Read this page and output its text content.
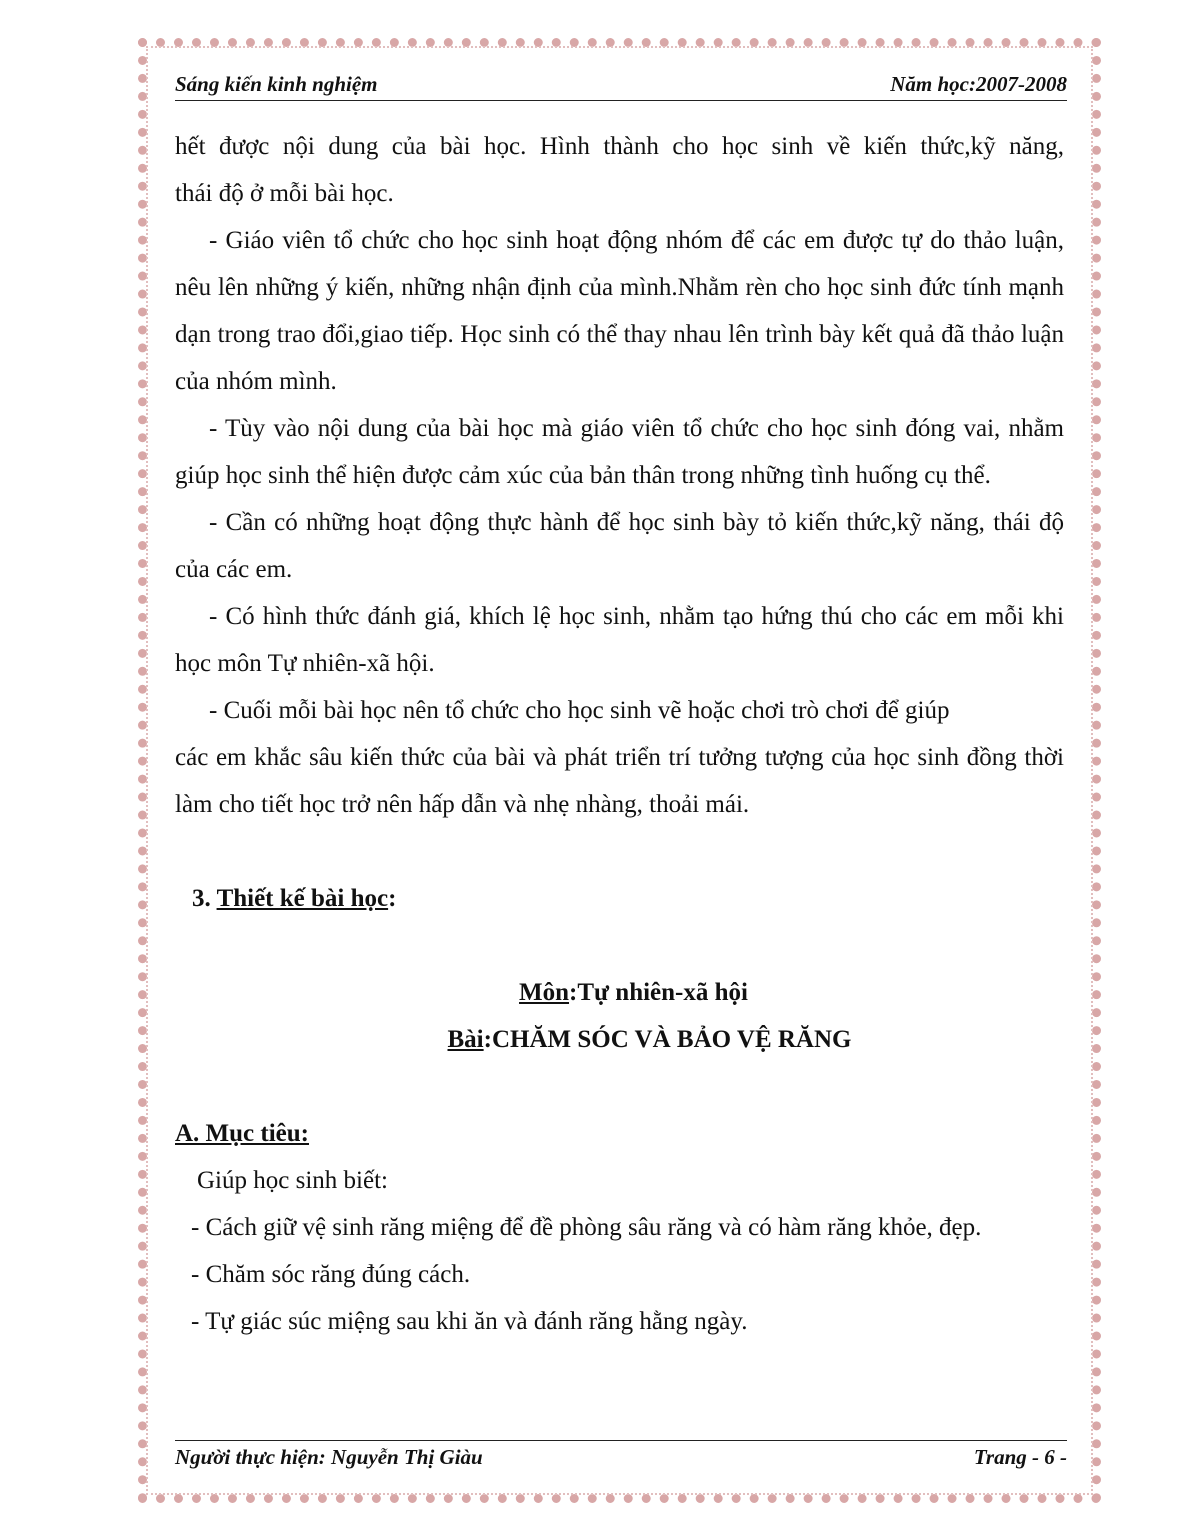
Sáng kiến kinh nghiệm	Năm học:2007-2008

hết được nội dung của bài học. Hình thành cho học sinh về kiến thức,kỹ năng,

thái độ ở mỗi bài học.

- Giáo viên tổ chức cho học sinh hoạt động nhóm để các em được tự do thảo luận, nêu lên những ý kiến, những nhận định của mình.Nhằm rèn cho học sinh đức tính mạnh dạn trong trao đổi,giao tiếp. Học sinh có thể thay nhau lên trình bày kết quả đã thảo luận của nhóm mình.

- Tùy vào nội dung của bài học mà giáo viên tổ chức cho học sinh đóng vai, nhằm giúp học sinh thể hiện được cảm xúc của bản thân trong những tình huống cụ thể.

- Cần có những hoạt động thực hành để học sinh bày tỏ kiến thức,kỹ năng, thái độ của các em.

- Có hình thức đánh giá, khích lệ học sinh, nhằm tạo hứng thú cho các em mỗi khi học môn Tự nhiên-xã hội.

- Cuối mỗi bài học nên tổ chức cho học sinh vẽ hoặc chơi trò chơi để giúp

các em khắc sâu kiến thức của bài và phát triển trí tưởng tượng của học sinh đồng thời làm cho tiết học trở nên hấp dẫn và nhẹ nhàng, thoải mái.

3. Thiết kế bài học:

Môn:Tự nhiên-xã hội

Bài:CHĂM SÓC VÀ BẢO VỆ RĂNG

A. Mục tiêu:

Giúp học sinh biết:

- Cách giữ vệ sinh răng miệng để đề phòng sâu răng và có hàm răng khỏe, đẹp.

- Chăm sóc răng đúng cách.

- Tự giác súc miệng sau khi ăn và đánh răng hằng ngày.

Người thực hiện: Nguyễn Thị Giàu	Trang - 6 -
